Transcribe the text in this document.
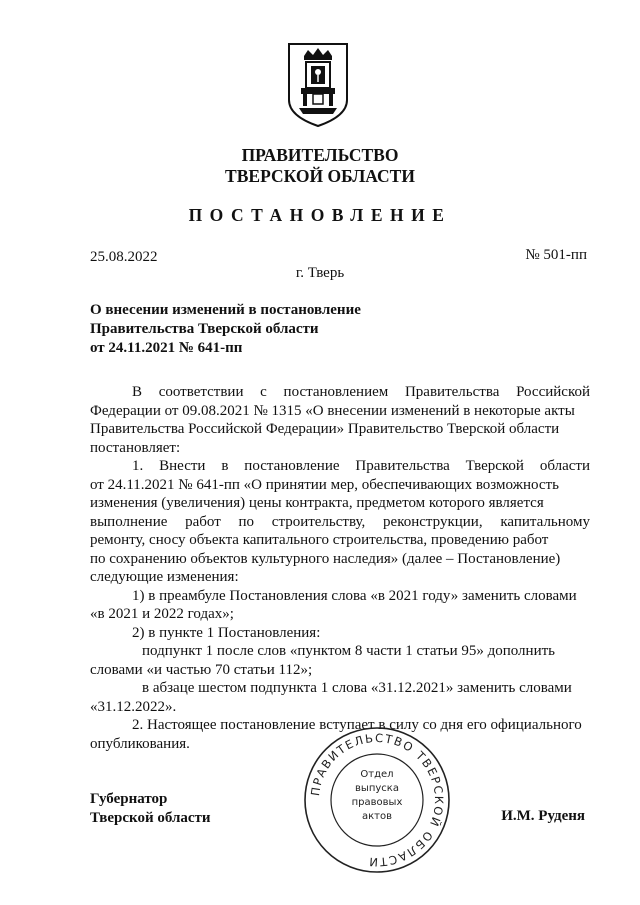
ПРАВИТЕЛЬСТВО
ТВЕРСКОЙ ОБЛАСТИ
ПОСТАНОВЛЕНИЕ
25.08.2022	№ 501-пп
г. Тверь
О внесении изменений в постановление
Правительства Тверской области
от 24.11.2021 № 641-пп
В соответствии с постановлением Правительства Российской
Федерации от 09.08.2021 № 1315 «О внесении изменений в некоторые акты
Правительства Российской Федерации» Правительство Тверской области
постановляет:
1. Внести в постановление Правительства Тверской области
от 24.11.2021 № 641-пп «О принятии мер, обеспечивающих возможность
изменения (увеличения) цены контракта, предметом которого является
выполнение работ по строительству, реконструкции, капитальному
ремонту, сносу объекта капитального строительства, проведению работ
по сохранению объектов культурного наследия» (далее – Постановление)
следующие изменения:
1) в преамбуле Постановления слова «в 2021 году» заменить словами
«в 2021 и 2022 годах»;
2) в пункте 1 Постановления:
подпункт 1 после слов «пунктом 8 части 1 статьи 95» дополнить
словами «и частью 70 статьи 112»;
в абзаце шестом подпункта 1 слова «31.12.2021» заменить словами
«31.12.2022».
2. Настоящее постановление вступает в силу со дня его официального
опубликования.
ПРАВИТЕЛЬСТВО ТВЕРСКОЙ ОБЛАСТИ
Отдел
выпуска
правовых
актов
Губернатор
Тверской области	И.М. Руденя
